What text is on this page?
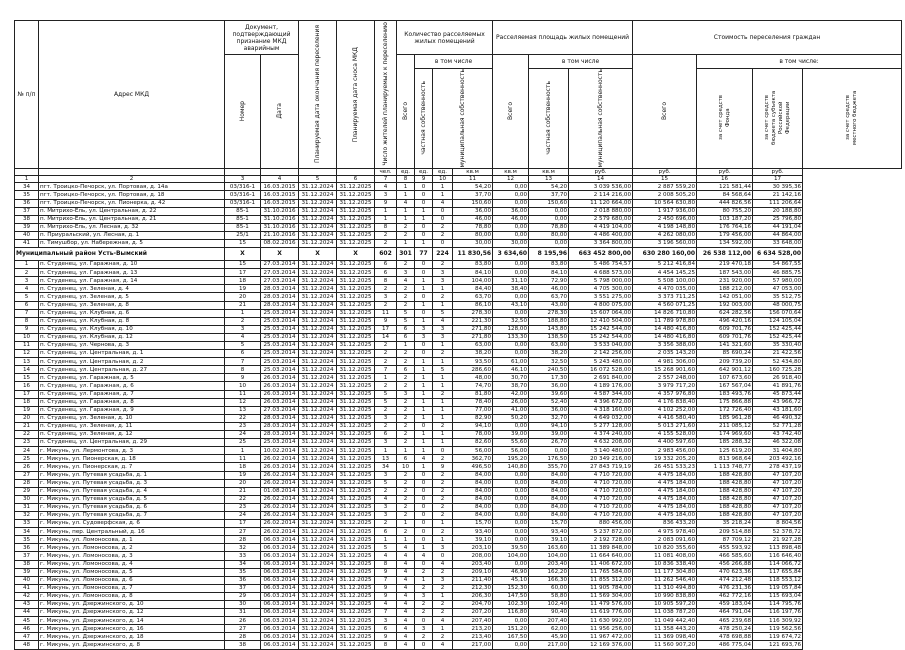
№ п/п	Адрес МКД	Документ, подтверждающий признание МКД аварийным		Планируемая дата окончания переселения	Планируемая дата сноса МКД	Число жителей планируемых к переселению	Количество расселяемых жилых помещений				Расселяемая площадь жилых помещений			Стоимость переселения граждан			

		Номер	Дата				Всего	в том числе			Всего	в том числе		Всего	в том числе:		

								частная собственность	муниципальная собственность			частная собственность	муниципальная собственность		за счет средств Фонда	за счет средств бюджета субъекта Российской Федерации	за счет средств местного бюджета

						чел.	ед.	ед.	ед.	кв.м	кв.м	кв.м	руб.	руб.	руб.	руб.	
1	2	3	4	5	6	7	8	9	10	11	12	13	14	15	16	17	
34	пгт. Троицко-Печорск, ул. Портовая, д. 14а	03/316-1	16.03.2015	31.12.2024	31.12.2025	4	1	0	1	54,20	0,00	54,20	3 039 536,00	2 887 559,20	121 581,44	30 395,36	
35	пгт. Троицко-Печорск, ул. Портовая, д. 18	03/316-1	16.03.2015	31.12.2024	31.12.2025	3	1	0	1	37,70	0,00	37,70	2 114 216,00	2 008 505,20	84 568,64	21 142,16	
36	пгт. Троицко-Печорск, ул. Пионерка, д. 42	03/316-1	16.03.2015	31.12.2024	31.12.2025	9	4	0	4	150,60	0,00	150,60	11 120 664,00	10 564 630,80	444 826,56	111 206,64	
37	п. Митрихо-Ель, ул. Центральная, д. 22	85-1	31.10.2016	31.12.2024	31.12.2025	1	1	1	0	36,00	36,00	0,00	2 018 880,00	1 917 936,00	80 755,20	20 188,80	
38	п. Митрихо-Ель, ул. Центральная, д. 21	85-1	31.10.2016	31.12.2024	31.12.2025	1	1	1	0	46,00	46,00	0,00	2 579 680,00	2 450 696,00	103 187,20	25 796,80	
39	п. Митрихо-Ель, ул. Лесная, д. 32	85-1	31.10.2016	31.12.2024	31.12.2025	8	2	0	2	78,80	0,00	78,80	4 419 104,00	4 198 148,80	176 764,16	44 191,04	
40	п. Приуральский, ул. Лесная, д. 1	25/1	21.10.2016	31.12.2024	31.12.2025	2	2	0	2	80,00	0,00	80,00	4 486 400,00	4 262 080,00	179 456,00	44 864,00	
41	п. Тимушбор, ул. Набережная, д. 5	15	08.02.2016	31.12.2024	31.12.2025	2	1	1	0	30,00	30,00	0,00	3 364 800,00	3 196 560,00	134 592,00	33 648,00	
Муниципальный район Усть-Вымский		X	X	X	X	602	301	77	224	11 830,56	3 634,60	8 195,96	663 452 800,00	630 280 160,00	26 538 112,00	6 634 528,00	
1	п. Студенец, ул. Гаражная, д. 10	15	27.03.2014	31.12.2024	31.12.2025	6	2	0	2	83,80	0,00	83,80	5 486 754,57	5 212 416,84	219 470,18	54 867,55	
2	п. Студенец, ул. Гаражная, д. 13	17	27.03.2014	31.12.2024	31.12.2025	6	3	0	3	84,10	0,00	84,10	4 688 573,00	4 454 145,25	187 543,00	46 885,75	
3	п. Студенец, ул. Гаражная, д. 14	18	27.03.2014	31.12.2024	31.12.2025	8	4	1	3	104,00	31,10	72,90	5 798 000,00	5 508 100,00	231 920,00	57 980,00	
4	п. Студенец, ул. Зеленая, д. 4	19	28.03.2014	31.12.2024	31.12.2025	2	2	1	1	84,40	38,40	46,00	4 705 300,00	4 470 035,00	188 212,00	47 053,00	
5	п. Студенец, ул. Зеленая, д. 5	20	28.03.2014	31.12.2024	31.12.2025	3	2	0	2	63,70	0,00	63,70	3 551 275,00	3 373 711,25	142 051,00	35 512,75	
6	п. Студенец, ул. Зеленая, д. 8	21	28.03.2014	31.12.2024	31.12.2025	2	2	1	1	86,10	43,10	43,00	4 800 075,00	4 560 071,25	192 003,00	48 000,75	
7	п. Студенец, ул. Клубная, д. 6	1	25.03.2014	31.12.2024	31.12.2025	11	5	0	5	278,30	0,00	278,30	15 607 064,00	14 826 710,80	624 282,56	156 070,64	
8	п. Студенец, ул. Клубная, д. 8	2	25.03.2014	31.12.2024	31.12.2025	9	5	1	4	221,30	32,50	188,80	12 410 504,00	11 789 978,80	496 420,16	124 105,04	
9	п. Студенец, ул. Клубная, д. 10	3	25.03.2014	31.12.2024	31.12.2025	17	6	3	3	271,80	128,00	143,80	15 242 544,00	14 480 416,80	609 701,76	152 425,44	
10	п. Студенец, ул. Клубная, д. 12	4	25.03.2014	31.12.2024	31.12.2025	14	6	3	3	271,80	133,30	138,50	15 242 544,00	14 480 416,80	609 701,76	152 425,44	
11	п. Студенец, ул. Чернова, д. 3	5	25.03.2014	31.12.2024	31.12.2025	2	1	0	1	63,00	0,00	63,00	3 533 040,00	3 356 388,00	141 321,60	35 330,40	
12	п. Студенец, ул. Центральная, д. 1	6	25.03.2014	31.12.2024	31.12.2025	2	2	0	2	38,20	0,00	38,20	2 142 256,00	2 035 143,20	85 690,24	21 422,56	
13	п. Студенец, ул. Центральная, д. 2	7	25.03.2014	31.12.2024	31.12.2025	2	2	1	1	93,50	61,00	32,50	5 243 480,00	4 981 306,00	209 739,20	52 434,80	
14	п. Студенец, ул. Центральная, д. 27	8	25.03.2014	31.12.2024	31.12.2025	7	6	1	5	286,60	46,10	240,50	16 072 528,00	15 268 901,60	642 901,12	160 725,28	
15	п. Студенец, ул. Гаражная, д. 5	9	26.03.2014	31.12.2024	31.12.2025	1	2	1	1	48,00	30,70	17,30	2 691 840,00	2 557 248,00	107 673,60	26 918,40	
16	п. Студенец, ул. Гаражная, д. 6	10	26.03.2014	31.12.2024	31.12.2025	2	2	1	1	74,70	38,70	36,00	4 189 176,00	3 979 717,20	167 567,04	41 891,76	
17	п. Студенец, ул. Гаражная, д. 7	11	26.03.2014	31.12.2024	31.12.2025	5	3	1	2	81,80	42,00	39,60	4 587 344,00	4 357 976,80	183 493,76	45 873,44	
18	п. Студенец, ул. Гаражная, д. 8	12	26.03.2014	31.12.2024	31.12.2025	5	2	1	1	78,40	26,00	52,40	4 396 672,00	4 176 838,40	175 866,88	43 966,72	
19	п. Студенец, ул. Гаражная, д. 9	13	27.03.2014	31.12.2024	31.12.2025	2	2	1	1	77,00	41,00	36,00	4 318 160,00	4 102 252,00	172 726,40	43 181,60	
20	п. Студенец, ул. Зеленая, д. 10	22	28.03.2014	31.12.2024	31.12.2025	3	2	1	1	82,90	50,20	32,70	4 649 032,00	4 416 580,40	185 961,28	46 490,32	
21	п. Студенец, ул. Зеленая, д. 11	23	28.03.2014	31.12.2024	31.12.2025	2	2	0	2	94,10	0,00	94,10	5 277 128,00	5 013 271,60	211 085,12	52 771,28	
22	п. Студенец, ул. Зеленая, д. 12	24	28.03.2014	31.12.2024	31.12.2025	6	2	1	1	78,00	39,00	39,00	4 374 240,00	4 155 528,00	174 969,60	43 742,40	
23	п. Студенец, ул. Центральная, д. 29	25	25.03.2014	31.12.2024	31.12.2025	3	2	1	1	82,60	55,60	26,70	4 632 208,00	4 400 597,60	185 288,32	46 322,08	
24	г. Микунь, ул. Лермонтова, д. 3	1	10.02.2014	31.12.2024	31.12.2025	1	1	1	0	56,00	56,00	0,00	3 140 480,00	2 983 456,00	125 619,20	31 404,80	
25	г. Микунь, ул. Пионерская, д. 18	11	26.02.2014	31.12.2024	31.12.2025	13	6	4	2	362,70	195,20	176,50	20 349 216,00	19 332 205,20	813 968,64	203 492,16	
26	г. Микунь, ул. Пионерская, д. 7	18	26.03.2014	31.12.2024	31.12.2025	34	10	1	9	496,50	140,80	355,70	27 843 719,19	26 451 533,23	1 113 748,77	278 437,19	
27	г. Микунь, ул. Путевая усадьба, д. 1	19	26.02.2014	31.12.2024	31.12.2025	3	2	0	2	84,00	0,00	84,00	4 710 720,00	4 475 184,00	188 428,80	47 107,20	
28	г. Микунь, ул. Путевая усадьба, д. 3	20	26.02.2014	31.12.2024	31.12.2025	5	2	0	2	84,00	0,00	84,00	4 710 720,00	4 475 184,00	188 428,80	47 107,20	
29	г. Микунь, ул. Путевая усадьба, д. 4	21	01.08.2014	31.12.2024	31.12.2025	2	2	0	2	84,00	0,00	84,00	4 710 720,00	4 475 184,00	188 428,80	47 107,20	
30	г. Микунь, ул. Путевая усадьба, д. 5	22	26.02.2014	31.12.2024	31.12.2025	4	2	0	2	84,00	0,00	84,00	4 710 720,00	4 475 184,00	188 428,80	47 107,20	
31	г. Микунь, ул. Путевая усадьба, д. 6	23	26.02.2014	31.12.2024	31.12.2025	3	2	0	2	84,00	0,00	84,00	4 710 720,00	4 475 184,00	188 428,80	47 107,20	
32	г. Микунь, ул. Путевая усадьба, д. 7	24	26.02.2014	31.12.2024	31.12.2025	3	2	0	2	84,00	0,00	84,00	4 710 720,00	4 475 184,00	188 428,80	47 107,20	
33	г. Микунь, ул. Судоверфская, д. 6	17	26.02.2014	31.12.2024	31.12.2025	2	1	0	1	15,70	0,00	15,70	880 456,00	836 433,20	35 218,24	8 804,56	
34	г. Микунь, пер. Центральный, д. 16	27	26.02.2014	31.12.2024	31.12.2025	6	2	0	2	93,40	0,00	93,40	5 237 872,00	4 975 978,40	209 514,88	52 378,72	
35	г. Микунь, ул. Ломоносова, д. 1	28	06.03.2014	31.12.2024	31.12.2025	1	1	0	1	39,10	0,00	39,10	2 192 728,00	2 083 091,60	87 709,12	21 927,28	
36	г. Микунь, ул. Ломоносова, д. 2	32	06.03.2014	31.12.2024	31.12.2025	5	4	1	3	203,10	39,50	163,60	11 389 848,00	10 820 355,60	455 593,92	113 898,48	
37	г. Микунь, ул. Ломоносова, д. 3	33	06.03.2014	31.12.2024	31.12.2025	4	4	4	0	208,00	104,00	104,00	11 664 640,00	11 081 408,00	466 585,60	116 646,40	
38	г. Микунь, ул. Ломоносова, д. 4	34	06.03.2014	31.12.2024	31.12.2025	8	4	0	4	203,40	0,00	203,40	11 406 672,00	10 836 338,40	456 266,88	114 066,72	
39	г. Микунь, ул. Ломоносова, д. 5	35	06.03.2014	31.12.2024	31.12.2025	9	4	2	2	209,10	46,90	162,20	11 765 584,00	11 177 304,80	470 623,36	117 655,84	
40	г. Микунь, ул. Ломоносова, д. 6	36	06.03.2014	31.12.2024	31.12.2025	7	4	1	3	211,40	45,10	166,30	11 855 312,00	11 262 546,40	474 212,48	118 553,12	
41	г. Микунь, ул. Ломоносова, д. 7	37	06.03.2014	31.12.2024	31.12.2025	9	4	2	2	212,30	152,30	60,00	11 905 784,00	11 310 494,80	476 231,36	119 057,84	
42	г. Микунь, ул. Ломоносова, д. 8	29	06.03.2014	31.12.2024	31.12.2025	9	4	3	1	206,30	147,50	58,80	11 569 304,00	10 990 838,80	462 772,16	115 693,04	
43	г. Микунь, ул. Дзержинского, д. 10	30	06.03.2014	31.12.2024	31.12.2025	4	4	2	2	204,70	102,30	102,40	11 479 576,00	10 905 597,20	459 183,04	114 795,76	
44	г. Микунь, ул. Дзержинского, д. 12	31	06.03.2014	31.12.2024	31.12.2025	7	4	2	2	207,20	116,80	90,40	11 619 776,00	11 038 787,20	464 791,04	116 197,76	
45	г. Микунь, ул. Дзержинского, д. 14	26	06.03.2014	31.12.2024	31.12.2025	3	4	0	4	207,40	0,00	207,40	11 630 992,00	11 049 442,40	465 239,68	116 309,92	
46	г. Микунь, ул. Дзержинского, д. 16	27	06.03.2014	31.12.2024	31.12.2025	6	4	3	1	213,20	151,20	62,00	11 956 256,00	11 358 443,20	478 250,24	119 562,56	
47	г. Микунь, ул. Дзержинского, д. 18	28	06.03.2014	31.12.2024	31.12.2025	9	4	2	2	213,40	167,50	45,90	11 967 472,00	11 369 098,40	478 698,88	119 674,72	
48	г. Микунь, ул. Дзержинского, д. 8	38	06.03.2014	31.12.2024	31.12.2025	8	4	0	4	217,00	0,00	217,00	12 169 376,00	11 560 907,20	486 775,04	121 693,76	
